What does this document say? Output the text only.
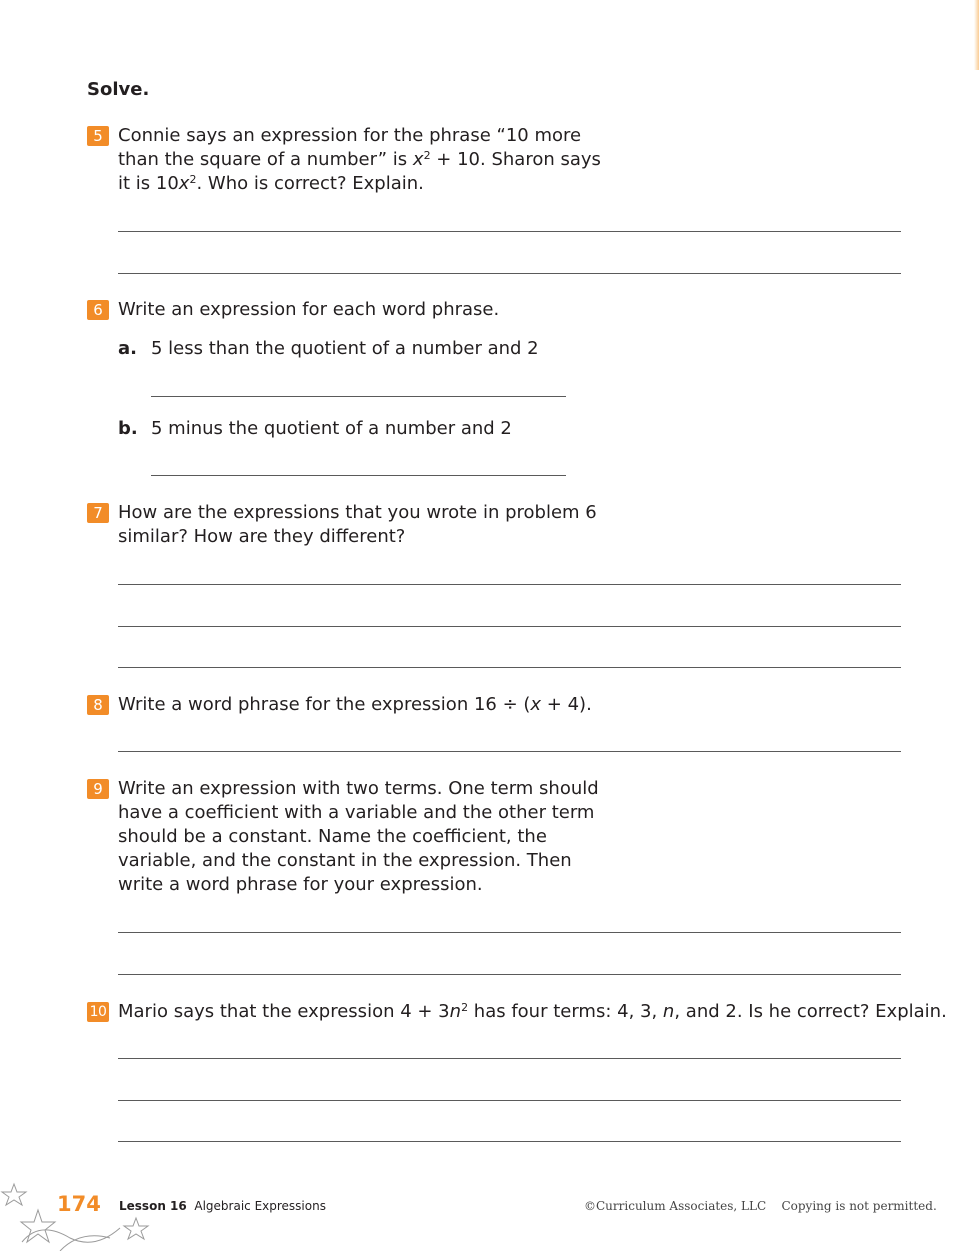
Solve.
5 Connie says an expression for the phrase “10 more
than the square of a number” is $x^2 + 10$. Sharon says
it is $10x^2$. Who is correct? Explain.
6 Write an expression for each word phrase.
a. 5 less than the quotient of a number and 2
b. 5 minus the quotient of a number and 2
7 How are the expressions that you wrote in problem 6
similar? How are they different?
8 Write a word phrase for the expression 16 ÷ (x + 4).
9 Write an expression with two terms. One term should
have a coefficient with a variable and the other term
should be a constant. Name the coefficient, the
variable, and the constant in the expression. Then
write a word phrase for your expression.
10 Mario says that the expression $4 + 3n^2$ has four terms: 4, 3, n, and 2. Is he correct? Explain.
174 Lesson 16 Algebraic Expressions	©Curriculum Associates, LLC Copying is not permitted.
